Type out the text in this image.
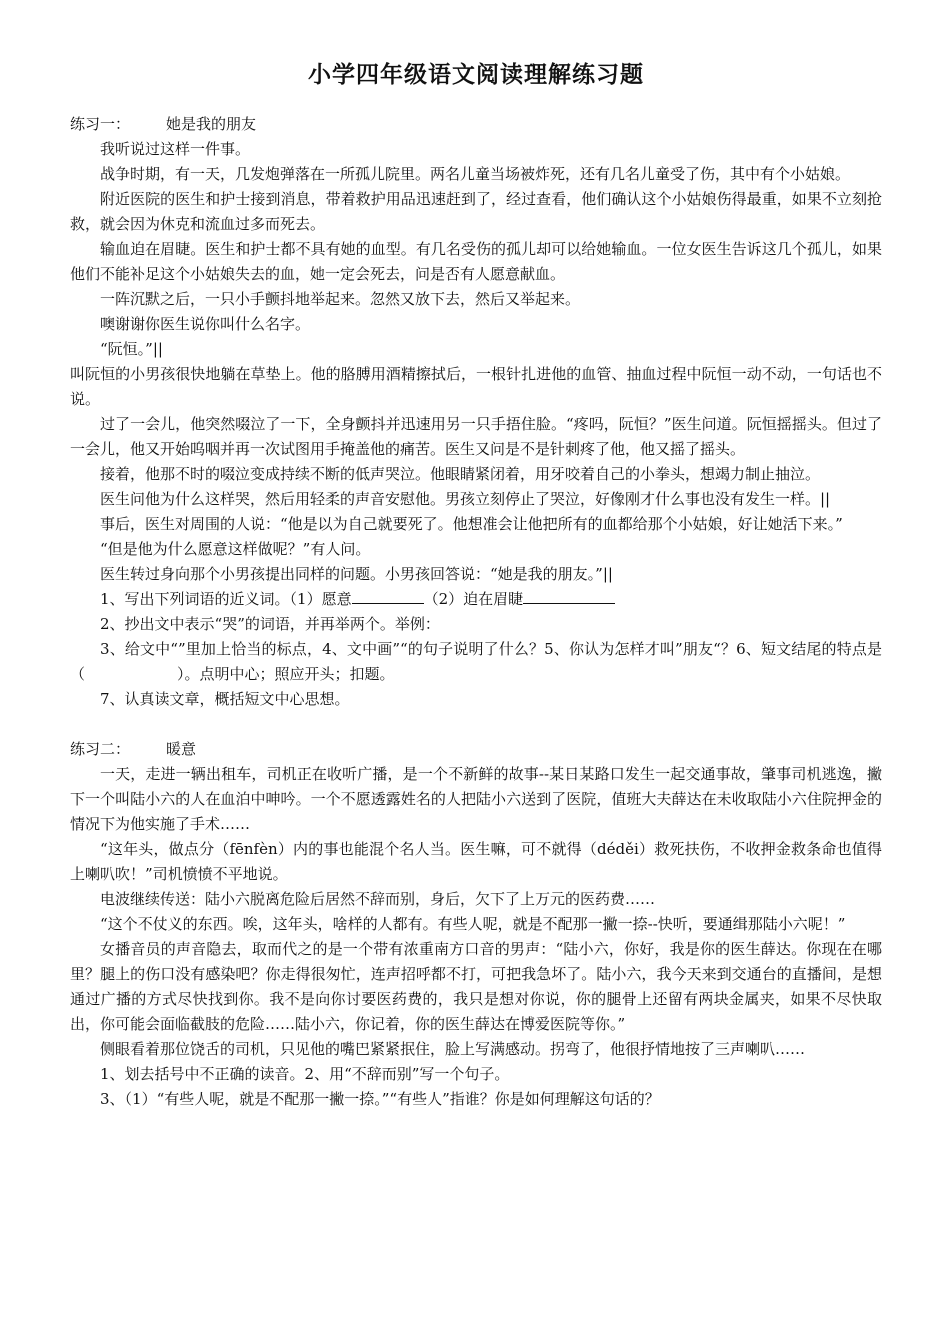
小学四年级语文阅读理解练习题
练习一： 她是我的朋友

我听说过这样一件事。

战争时期，有一天，几发炮弹落在一所孤儿院里。两名儿童当场被炸死，还有几名儿童受了伤，其中有个小姑娘。

附近医院的医生和护士接到消息，带着救护用品迅速赶到了，经过查看，他们确认这个小姑娘伤得最重，如果不立刻抢救，就会因为休克和流血过多而死去。

输血迫在眉睫。医生和护士都不具有她的血型。有几名受伤的孤儿却可以给她输血。一位女医生告诉这几个孤儿，如果他们不能补足这个小姑娘失去的血，她一定会死去，问是否有人愿意献血。

一阵沉默之后，一只小手颤抖地举起来。忽然又放下去，然后又举起来。

噢谢谢你医生说你叫什么名字。

“阮恒。”||

叫阮恒的小男孩很快地躺在草垫上。他的胳膊用酒精擦拭后，一根针扎进他的血管、抽血过程中阮恒一动不动，一句话也不说。

过了一会儿，他突然啜泣了一下，全身颤抖并迅速用另一只手捂住脸。“疼吗，阮恒？”医生问道。阮恒摇摇头。但过了一会儿，他又开始呜咽并再一次试图用手掩盖他的痛苦。医生又问是不是针刺疼了他，他又摇了摇头。

接着，他那不时的啜泣变成持续不断的低声哭泣。他眼睛紧闭着，用牙咬着自己的小拳头，想竭力制止抽泣。

医生问他为什么这样哭，然后用轻柔的声音安慰他。男孩立刻停止了哭泣，好像刚才什么事也没有发生一样。||

事后，医生对周围的人说：“他是以为自己就要死了。他想准会让他把所有的血都给那个小姑娘，好让她活下来。”

“但是他为什么愿意这样做呢？”有人问。

医生转过身向那个小男孩提出同样的问题。小男孩回答说：“她是我的朋友。”||

1、写出下列词语的近义词。（1）愿意	（2）迫在眉睫

2、抄出文中表示“哭”的词语，并再举两个。举例：

3、给文中“”里加上恰当的标点，4、文中画”“的句子说明了什么？5、你认为怎样才叫”朋友“？6、短文结尾的特点是（	）。点明中心；照应开头；扣题。

7、认真读文章，概括短文中心思想。

练习二： 暖意

一天，走进一辆出租车，司机正在收听广播，是一个不新鲜的故事--某日某路口发生一起交通事故，肇事司机逃逸，撇下一个叫陆小六的人在血泊中呻吟。一个不愿透露姓名的人把陆小六送到了医院，值班大夫薛达在未收取陆小六住院押金的情况下为他实施了手术……

“这年头，做点分（fēnfèn）内的事也能混个名人当。医生嘛，可不就得（déděi）救死扶伤，不收押金救条命也值得上喇叭吹！”司机愤愤不平地说。

电波继续传送：陆小六脱离危险后居然不辞而别，身后，欠下了上万元的医药费……

“这个不仗义的东西。唉，这年头，啥样的人都有。有些人呢，就是不配那一撇一捺--快听，要通缉那陆小六呢！”

女播音员的声音隐去，取而代之的是一个带有浓重南方口音的男声：“陆小六，你好，我是你的医生薛达。你现在在哪里？腿上的伤口没有感染吧？你走得很匆忙，连声招呼都不打，可把我急坏了。陆小六，我今天来到交通台的直播间，是想通过广播的方式尽快找到你。我不是向你讨要医药费的，我只是想对你说，你的腿骨上还留有两块金属夹，如果不尽快取出，你可能会面临截肢的危险……陆小六，你记着，你的医生薛达在博爱医院等你。”

侧眼看着那位饶舌的司机，只见他的嘴巴紧紧抿住，脸上写满感动。拐弯了，他很抒情地按了三声喇叭……

1、划去括号中不正确的读音。2、用“不辞而别”写一个句子。

3、（1）“有些人呢，就是不配那一撇一捺。”“有些人”指谁？你是如何理解这句话的？
